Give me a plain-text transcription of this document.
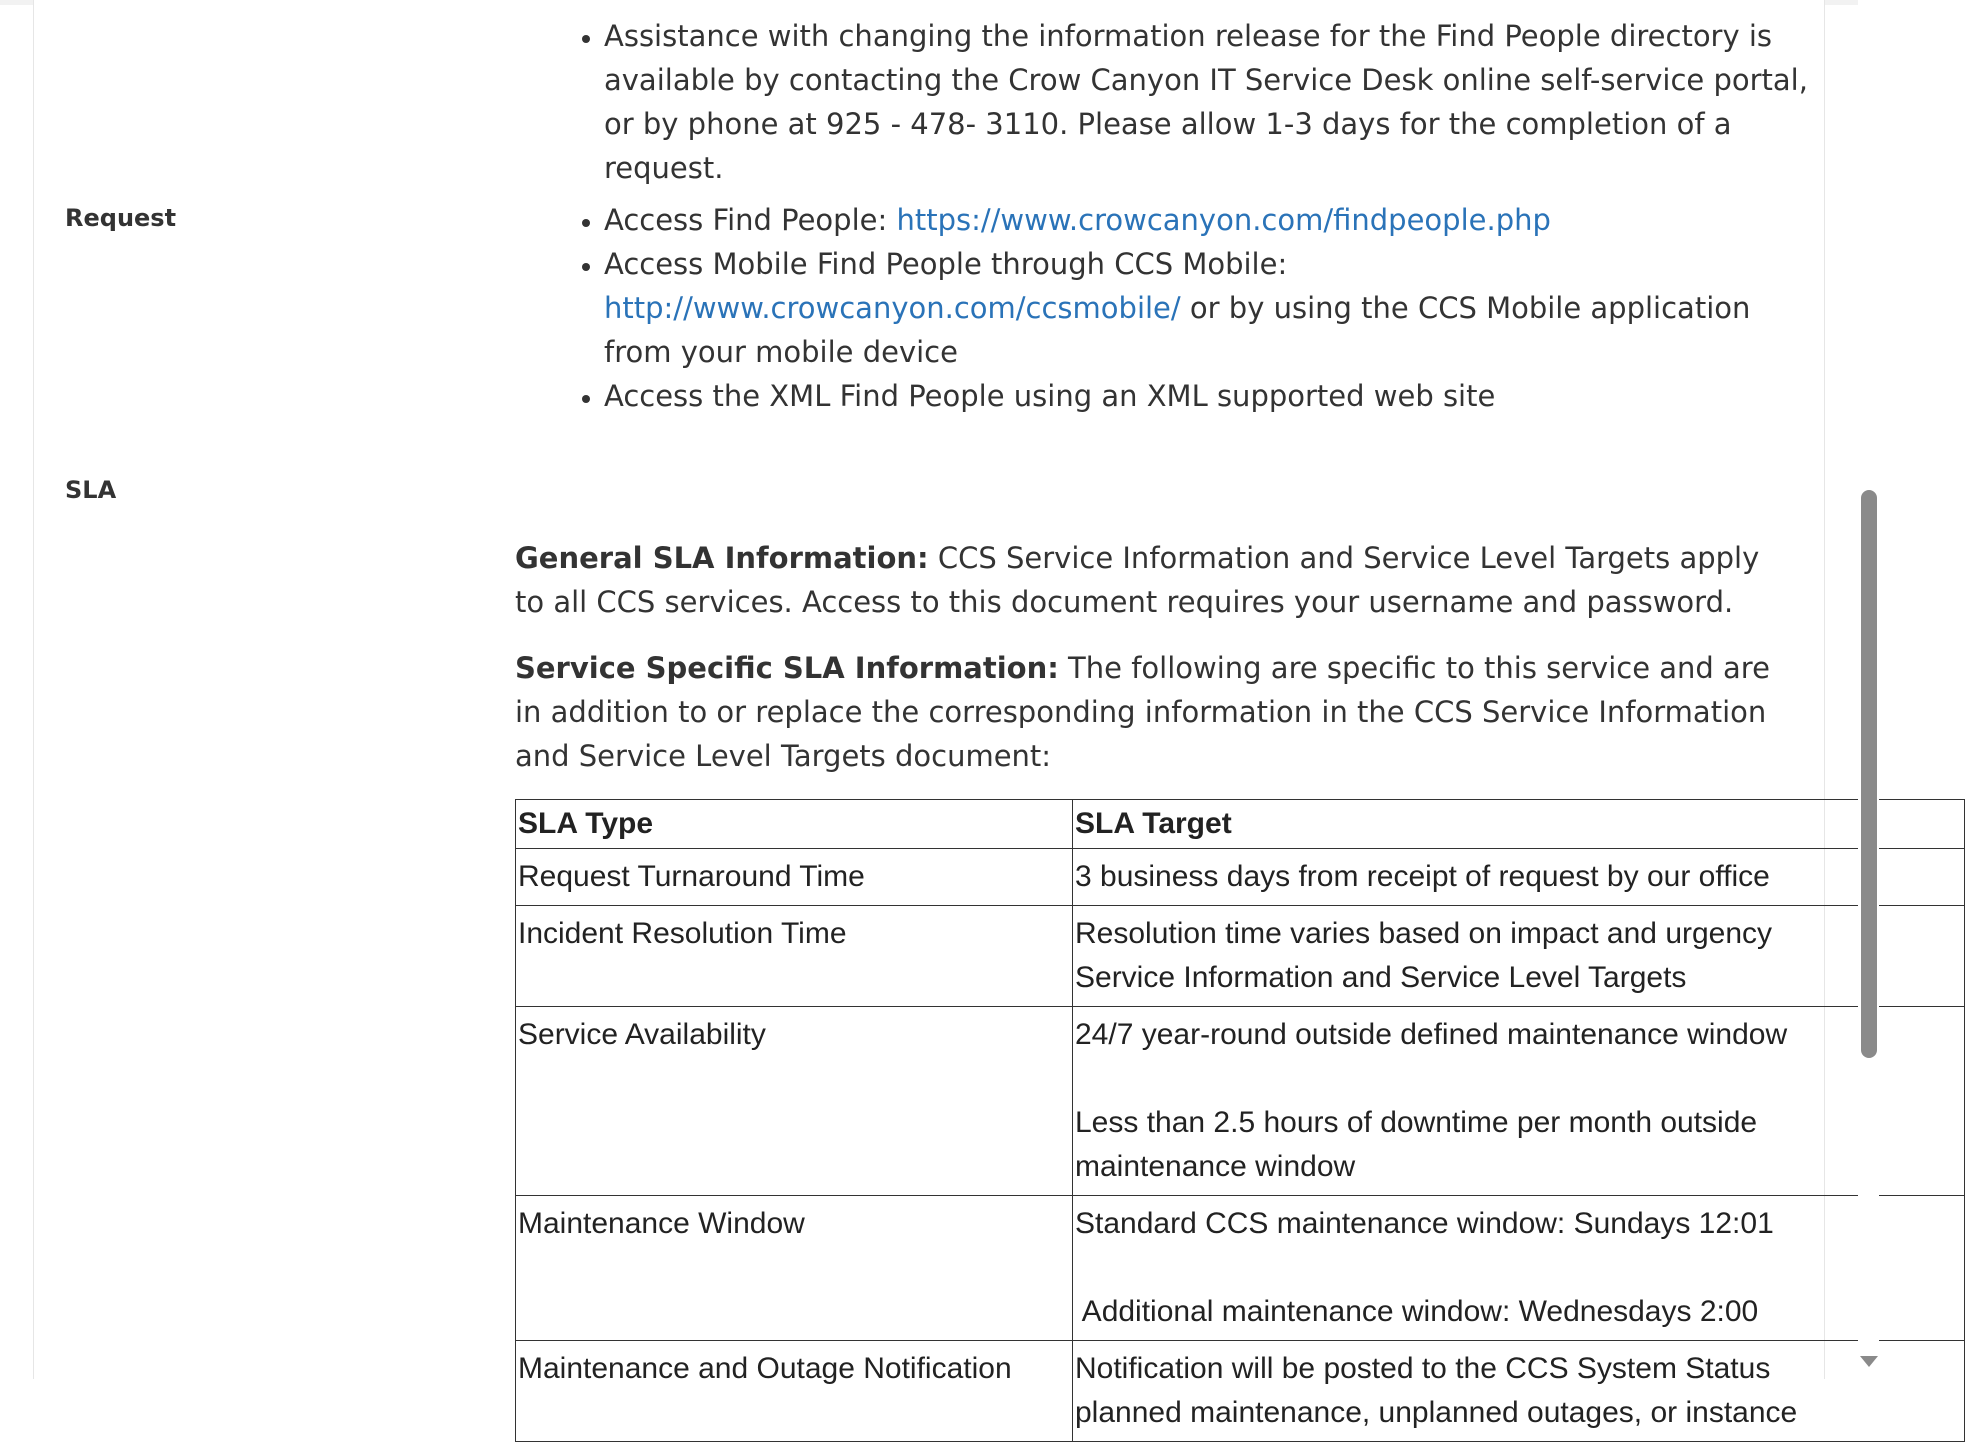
• Assistance with changing the information release for the Find People directory is available by contacting the Crow Canyon IT Service Desk online self-service portal, or by phone at 925 - 478- 3110. Please allow 1-3 days for the completion of a request.
Request	• Access Find People: https://www.crowcanyon.com/findpeople.php
• Access Mobile Find People through CCS Mobile: http://www.crowcanyon.com/ccsmobile/ or by using the CCS Mobile application from your mobile device
• Access the XML Find People using an XML supported web site
SLA

General SLA Information: CCS Service Information and Service Level Targets apply to all CCS services. Access to this document requires your username and password.

Service Specific SLA Information: The following are specific to this service and are in addition to or replace the corresponding information in the CCS Service Information and Service Level Targets document:

SLA Type	SLA Target
Request Turnaround Time	3 business days from receipt of request by our office
Incident Resolution Time	Resolution time varies based on impact and urgency
Service Information and Service Level Targets

Service Availability	24/7 year-round outside defined maintenance window
Less than 2.5 hours of downtime per month outside
maintenance window

Maintenance Window	Standard CCS maintenance window: Sundays 12:01
Additional maintenance window: Wednesdays 2:00

Maintenance and Outage Notification	Notification will be posted to the CCS System Status
planned maintenance, unplanned outages, or instance
